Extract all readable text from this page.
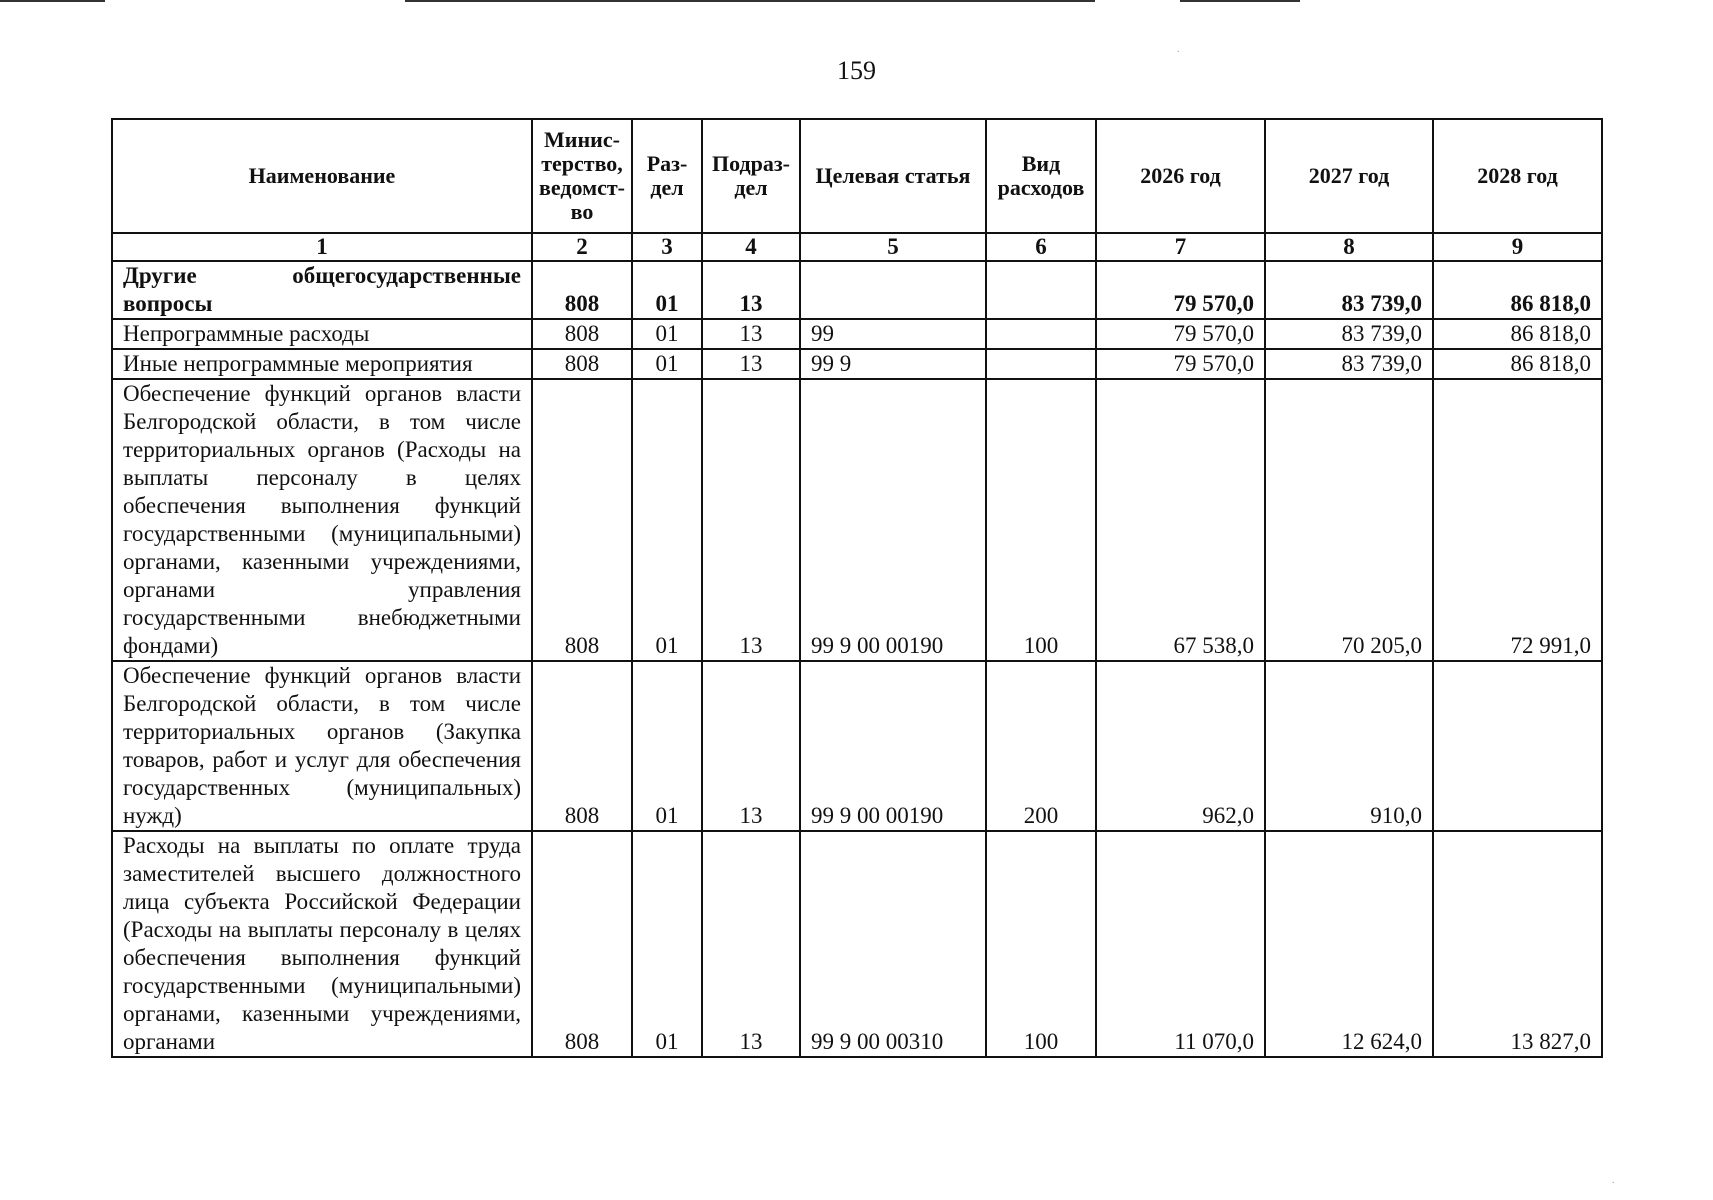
159
Наименование	Минис-терство, ведомст-во	Раз-дел	Подраз-дел	Целевая статья	Вид расходов	2026 год	2027 год	2028 год
1	2	3	4	5	6	7	8	9
Другие общегосударственные вопросы	808	01	13			79 570,0	83 739,0	86 818,0
Непрограммные расходы	808	01	13	99		79 570,0	83 739,0	86 818,0
Иные непрограммные мероприятия	808	01	13	99 9		79 570,0	83 739,0	86 818,0
Обеспечение функций органов власти Белгородской области, в том числе территориальных органов (Расходы на выплаты персоналу в целях обеспечения выполнения функций государственными (муниципальными) органами, казенными учреждениями, органами управления государственными внебюджетными фондами)	808	01	13	99 9 00 00190	100	67 538,0	70 205,0	72 991,0
Обеспечение функций органов власти Белгородской области, в том числе территориальных органов (Закупка товаров, работ и услуг для обеспечения государственных (муниципальных) нужд)	808	01	13	99 9 00 00190	200	962,0	910,0	
Расходы на выплаты по оплате труда заместителей высшего должностного лица субъекта Российской Федерации (Расходы на выплаты персоналу в целях обеспечения выполнения функций государственными (муниципальными) органами, казенными учреждениями, органами	808	01	13	99 9 00 00310	100	11 070,0	12 624,0	13 827,0
.
.
